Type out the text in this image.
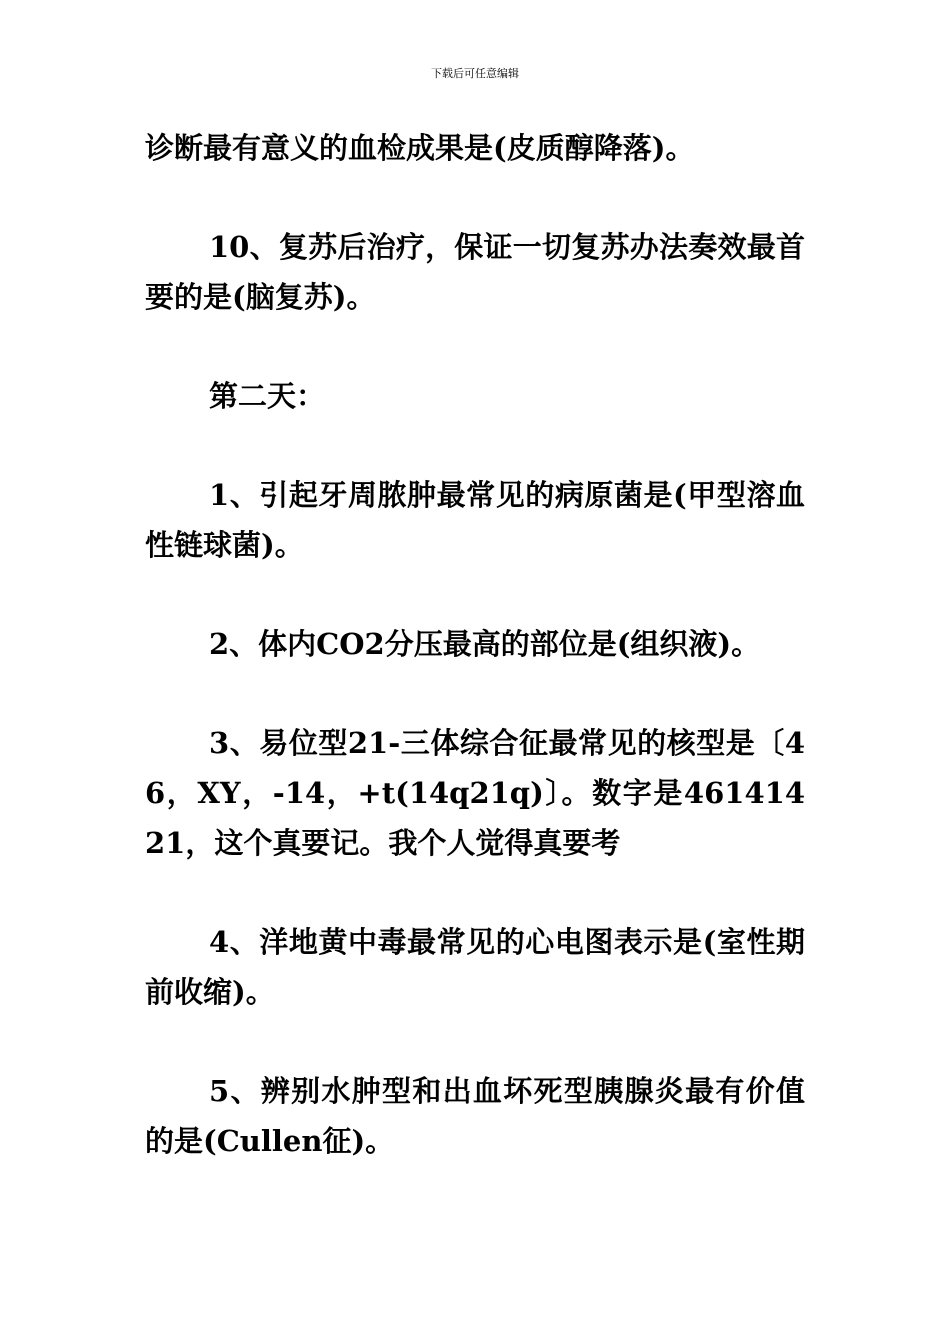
下载后可任意编辑

诊断最有意义的血检成果是(皮质醇降落)。

10、复苏后治疗，保证一切复苏办法奏效最首要的是(脑复苏)。

第二天：

1、引起牙周脓肿最常见的病原菌是(甲型溶血性链球菌)。

2、体内CO2分压最高的部位是(组织液)。

3、易位型21-三体综合征最常见的核型是〔46，XY，-14，+t(14q21q)〕。数字是46141421，这个真要记。我个人觉得真要考

4、洋地黄中毒最常见的心电图表示是(室性期前收缩)。

5、辨别水肿型和出血坏死型胰腺炎最有价值的是(Cullen征)。
